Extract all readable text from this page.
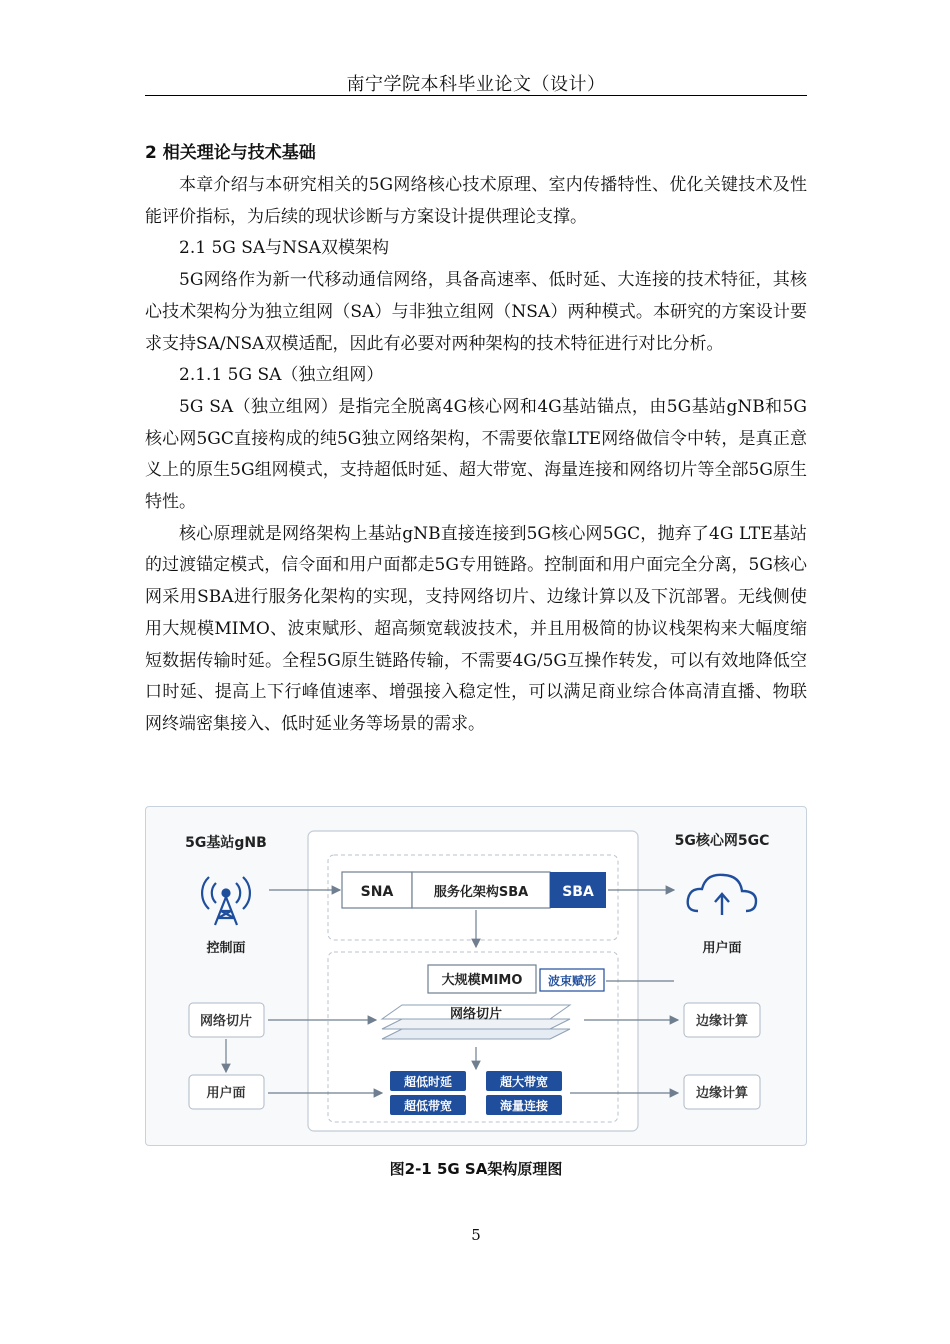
南宁学院本科毕业论文（设计）

2 相关理论与技术基础

本章介绍与本研究相关的5G网络核心技术原理、室内传播特性、优化关键技术及性能评价指标，为后续的现状诊断与方案设计提供理论支撑。

2.1 5G SA与NSA双模架构

5G网络作为新一代移动通信网络，具备高速率、低时延、大连接的技术特征，其核心技术架构分为独立组网（SA）与非独立组网（NSA）两种模式。本研究的方案设计要求支持SA/NSA双模适配，因此有必要对两种架构的技术特征进行对比分析。

2.1.1 5G SA（独立组网）

5G SA（独立组网）是指完全脱离4G核心网和4G基站锚点，由5G基站gNB和5G核心网5GC直接构成的纯5G独立网络架构，不需要依靠LTE网络做信令中转，是真正意义上的原生5G组网模式，支持超低时延、超大带宽、海量连接和网络切片等全部5G原生特性。

核心原理就是网络架构上基站gNB直接连接到5G核心网5GC，抛弃了4G LTE基站的过渡锚定模式，信令面和用户面都走5G专用链路。控制面和用户面完全分离，5G核心网采用SBA进行服务化架构的实现，支持网络切片、边缘计算以及下沉部署。无线侧使用大规模MIMO、波束赋形、超高频宽载波技术，并且用极简的协议栈架构来大幅度缩短数据传输时延。全程5G原生链路传输，不需要4G/5G互操作转发，可以有效地降低空口时延、提高上下行峰值速率、增强接入稳定性，可以满足商业综合体高清直播、物联网终端密集接入、低时延业务等场景的需求。

5G基站gNB
控制面
网络切片
用户面
5G核心网5GC
用户面
边缘计算
边缘计算
SNA	服务化架构SBA SBA
大规模MIMO 波束赋形
网络切片
超低时延	超大带宽
超低带宽	海量连接
图2-1 5G SA架构原理图
5
